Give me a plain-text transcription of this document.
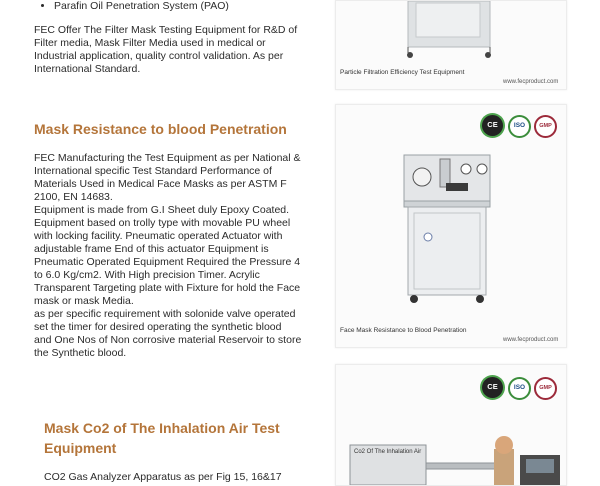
• Parafin Oil Penetration System (PAO)
FEC Offer The Filter Mask Testing Equipment for R&D of
Filter media, Mask Filter Media used in medical or
Industrial application, quality control validation. As per
International Standard.	Particle Filtration Efficiency Test Equipment
www.fecproduct.com
Mask Resistance to blood Penetration
FEC Manufacturing the Test Equipment as per National &
International specific Test Standard Performance of
Materials Used in Medical Face Masks as per ASTM F
2100, EN 14683.
Equipment is made from G.I Sheet duly Epoxy Coated.
Equipment based on trolly type with movable PU wheel
with locking facility. Pneumatic operated Actuator with
adjustable frame End of this actuator Equipment is
Pneumatic Operated Equipment Required the Pressure 4
to 6.0 Kg/cm2. With High precision Timer. Acrylic
Transparent Targeting plate with Fixture for hold the Face
mask or mask Media.
as per specific requirement with solonide valve operated
set the timer for desired operating the synthetic blood
and One Nos of Non corrosive material Reservoir to store
the Synthetic blood.
CE	ISO	GMP
Face Mask Resistance to Blood Penetration
www.fecproduct.com
Mask Co2 of The Inhalation Air Test
Equipment
CO2 Gas Analyzer Apparatus as per Fig 15, 16&17
CE	ISO	GMP
Co2 Of The Inhalation Air
